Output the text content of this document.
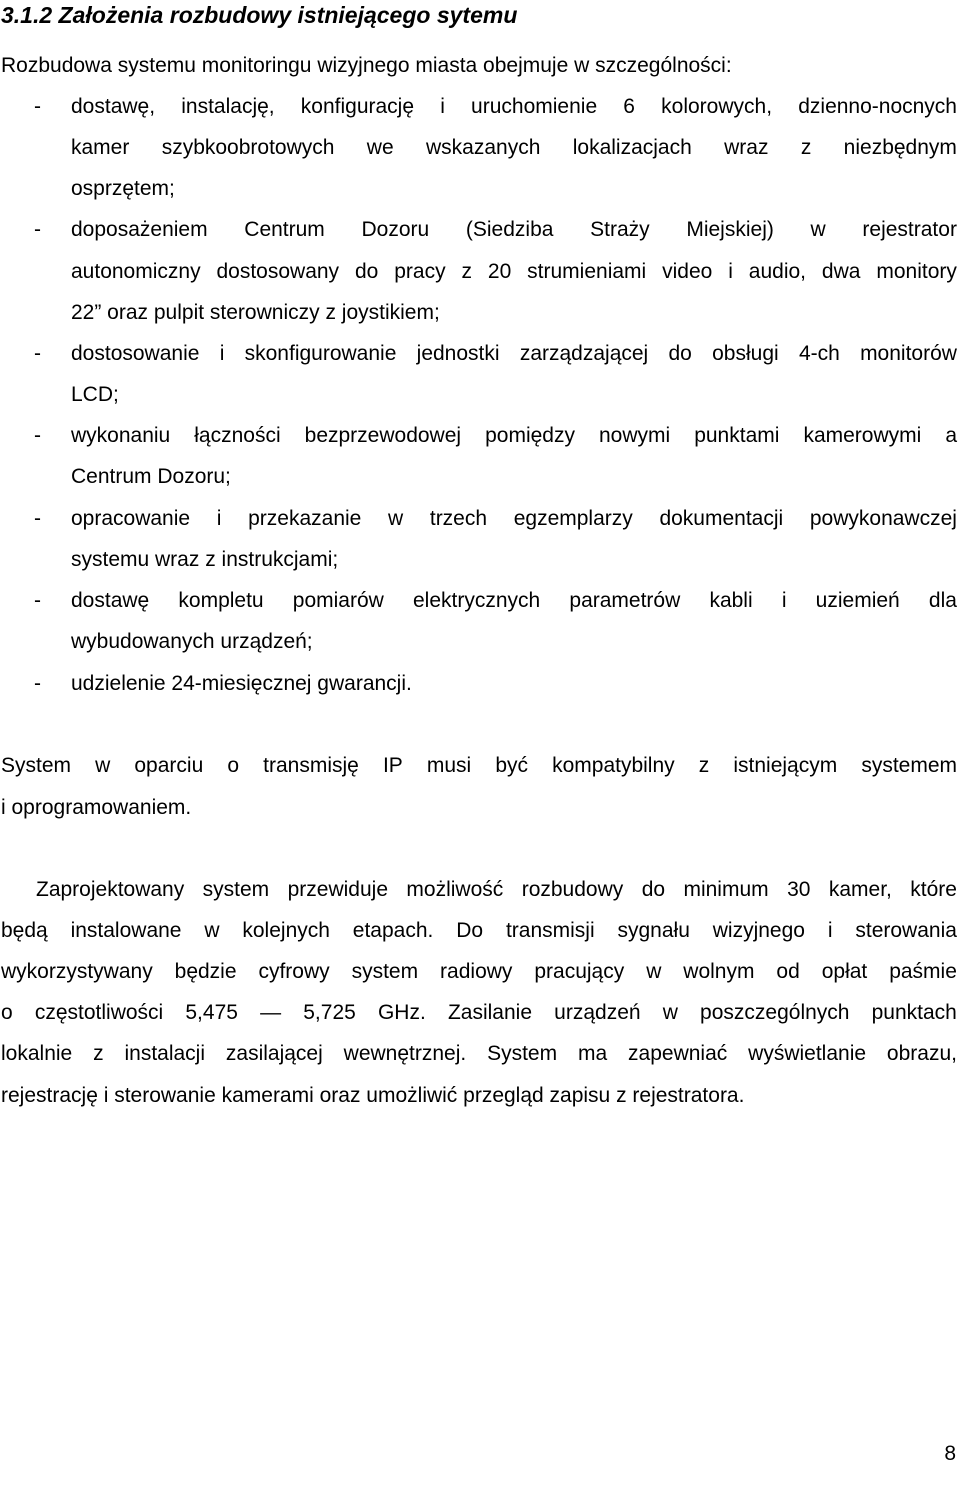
3.1.2 Założenia rozbudowy istniejącego sytemu
Rozbudowa systemu monitoringu wizyjnego miasta obejmuje w szczególności:
- dostawę, instalację, konfigurację i uruchomienie 6 kolorowych, dzienno-nocnych
kamer szybkoobrotowych we wskazanych lokalizacjach wraz z niezbędnym
osprzętem;
- doposażeniem Centrum Dozoru (Siedziba Straży Miejskiej) w rejestrator
autonomiczny dostosowany do pracy z 20 strumieniami video i audio, dwa monitory
22” oraz pulpit sterowniczy z joystikiem;
- dostosowanie i skonfigurowanie jednostki zarządzającej do obsługi 4-ch monitorów
LCD;
- wykonaniu łączności bezprzewodowej pomiędzy nowymi punktami kamerowymi a
Centrum Dozoru;
- opracowanie i przekazanie w trzech egzemplarzy dokumentacji powykonawczej
systemu wraz z instrukcjami;
- dostawę kompletu pomiarów elektrycznych parametrów kabli i uziemień dla
wybudowanych urządzeń;
- udzielenie 24-miesięcznej gwarancji.
System w oparciu o transmisję IP musi być kompatybilny z istniejącym systemem
i oprogramowaniem.
Zaprojektowany system przewiduje możliwość rozbudowy do minimum 30 kamer, które
będą instalowane w kolejnych etapach. Do transmisji sygnału wizyjnego i sterowania
wykorzystywany będzie cyfrowy system radiowy pracujący w wolnym od opłat paśmie
o częstotliwości 5,475 — 5,725 GHz. Zasilanie urządzeń w poszczególnych punktach
lokalnie z instalacji zasilającej wewnętrznej. System ma zapewniać wyświetlanie obrazu,
rejestrację i sterowanie kamerami oraz umożliwić przegląd zapisu z rejestratora.
8
